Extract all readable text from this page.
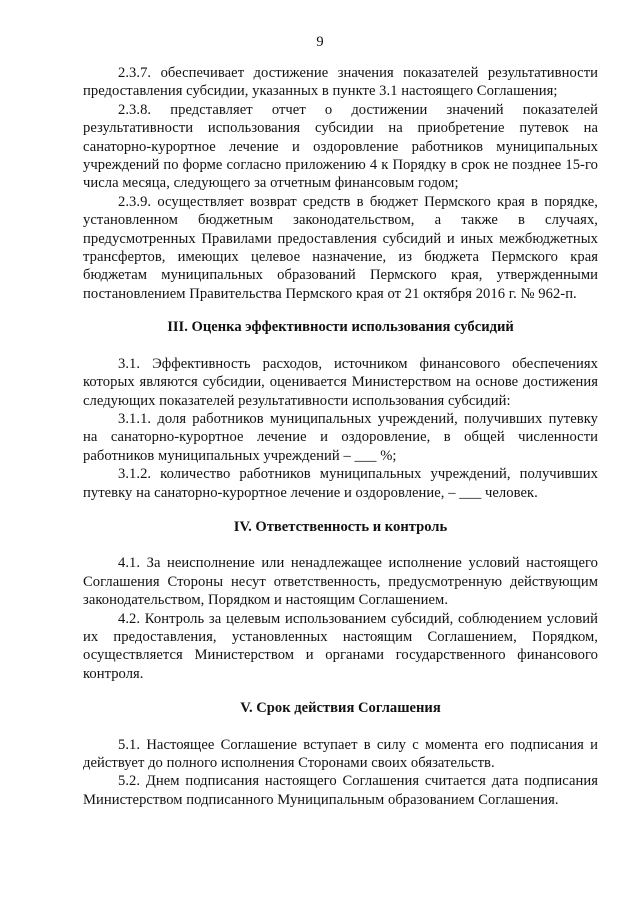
9

2.3.7. обеспечивает достижение значения показателей результативности предоставления субсидии, указанных в пункте 3.1 настоящего Соглашения;

2.3.8. представляет отчет о достижении значений показателей результативности использования субсидии на приобретение путевок на санаторно-курортное лечение и оздоровление работников муниципальных учреждений по форме согласно приложению 4 к Порядку в срок не позднее 15-го числа месяца, следующего за отчетным финансовым годом;

2.3.9. осуществляет возврат средств в бюджет Пермского края в порядке, установленном бюджетным законодательством, а также в случаях, предусмотренных Правилами предоставления субсидий и иных межбюджетных трансфертов, имеющих целевое назначение, из бюджета Пермского края бюджетам муниципальных образований Пермского края, утвержденными постановлением Правительства Пермского края от 21 октября 2016 г. № 962-п.

III. Оценка эффективности использования субсидий

3.1. Эффективность расходов, источником финансового обеспечениях которых являются субсидии, оценивается Министерством на основе достижения следующих показателей результативности использования субсидий:

3.1.1. доля работников муниципальных учреждений, получивших путевку на санаторно-курортное лечение и оздоровление, в общей численности работников муниципальных учреждений – ___ %;

3.1.2. количество работников муниципальных учреждений, получивших путевку на санаторно-курортное лечение и оздоровление, – ___ человек.

IV. Ответственность и контроль

4.1. За неисполнение или ненадлежащее исполнение условий настоящего Соглашения Стороны несут ответственность, предусмотренную действующим законодательством, Порядком и настоящим Соглашением.

4.2. Контроль за целевым использованием субсидий, соблюдением условий их предоставления, установленных настоящим Соглашением, Порядком, осуществляется Министерством и органами государственного финансового контроля.

V. Срок действия Соглашения

5.1. Настоящее Соглашение вступает в силу с момента его подписания и действует до полного исполнения Сторонами своих обязательств.

5.2. Днем подписания настоящего Соглашения считается дата подписания Министерством подписанного Муниципальным образованием Соглашения.
